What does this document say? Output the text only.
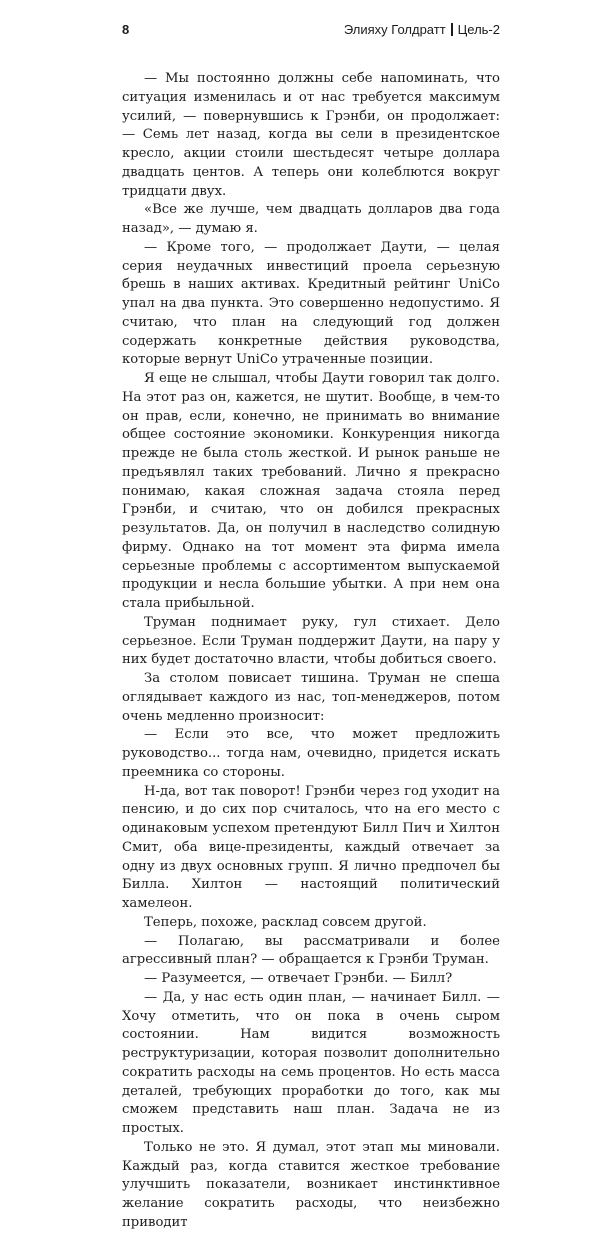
8	Элияху Голдратт Цель-2

— Мы постоянно должны себе напоминать, что ситуация изменилась и от нас требуется максимум усилий, — повернувшись к Грэнби, он продолжает: — Семь лет назад, когда вы сели в президентское кресло, акции стоили шестьдесят четыре доллара двадцать центов. А теперь они колеблются вокруг тридцати двух.

«Все же лучше, чем двадцать долларов два года назад», — думаю я.

— Кроме того, — продолжает Даути, — целая серия неудачных инвестиций проела серьезную брешь в наших активах. Кредитный рейтинг UniCo упал на два пункта. Это совершенно недопустимо. Я считаю, что план на следующий год должен содержать конкретные действия руководства, которые вернут UniCo утраченные позиции.

Я еще не слышал, чтобы Даути говорил так долго. На этот раз он, кажется, не шутит. Вообще, в чем-то он прав, если, конечно, не принимать во внимание общее состояние экономики. Конкуренция никогда прежде не была столь жесткой. И рынок раньше не предъявлял таких требований. Лично я прекрасно понимаю, какая сложная задача стояла перед Грэнби, и считаю, что он добился прекрасных результатов. Да, он получил в наследство солидную фирму. Однако на тот момент эта фирма имела серьезные проблемы с ассортиментом выпускаемой продукции и несла большие убытки. А при нем она стала прибыльной.

Труман поднимает руку, гул стихает. Дело серьезное. Если Труман поддержит Даути, на пару у них будет достаточно власти, чтобы добиться своего.

За столом повисает тишина. Труман не спеша оглядывает каждого из нас, топ-менеджеров, потом очень медленно произносит:

— Если это все, что может предложить руководство... тогда нам, очевидно, придется искать преемника со стороны.

Н-да, вот так поворот! Грэнби через год уходит на пенсию, и до сих пор считалось, что на его место с одинаковым успехом претендуют Билл Пич и Хилтон Смит, оба вице-президенты, каждый отвечает за одну из двух основных групп. Я лично предпочел бы Билла. Хилтон — настоящий политический хамелеон.

Теперь, похоже, расклад совсем другой.

— Полагаю, вы рассматривали и более агрессивный план? — обращается к Грэнби Труман.

— Разумеется, — отвечает Грэнби. — Билл?

— Да, у нас есть один план, — начинает Билл. — Хочу отметить, что он пока в очень сыром состоянии. Нам видится возможность реструктуризации, которая позволит дополнительно сократить расходы на семь процентов. Но есть масса деталей, требующих проработки до того, как мы сможем представить наш план. Задача не из простых.

Только не это. Я думал, этот этап мы миновали. Каждый раз, когда ставится жесткое требование улучшить показатели, возникает инстинктивное желание сократить расходы, что неизбежно приводит
